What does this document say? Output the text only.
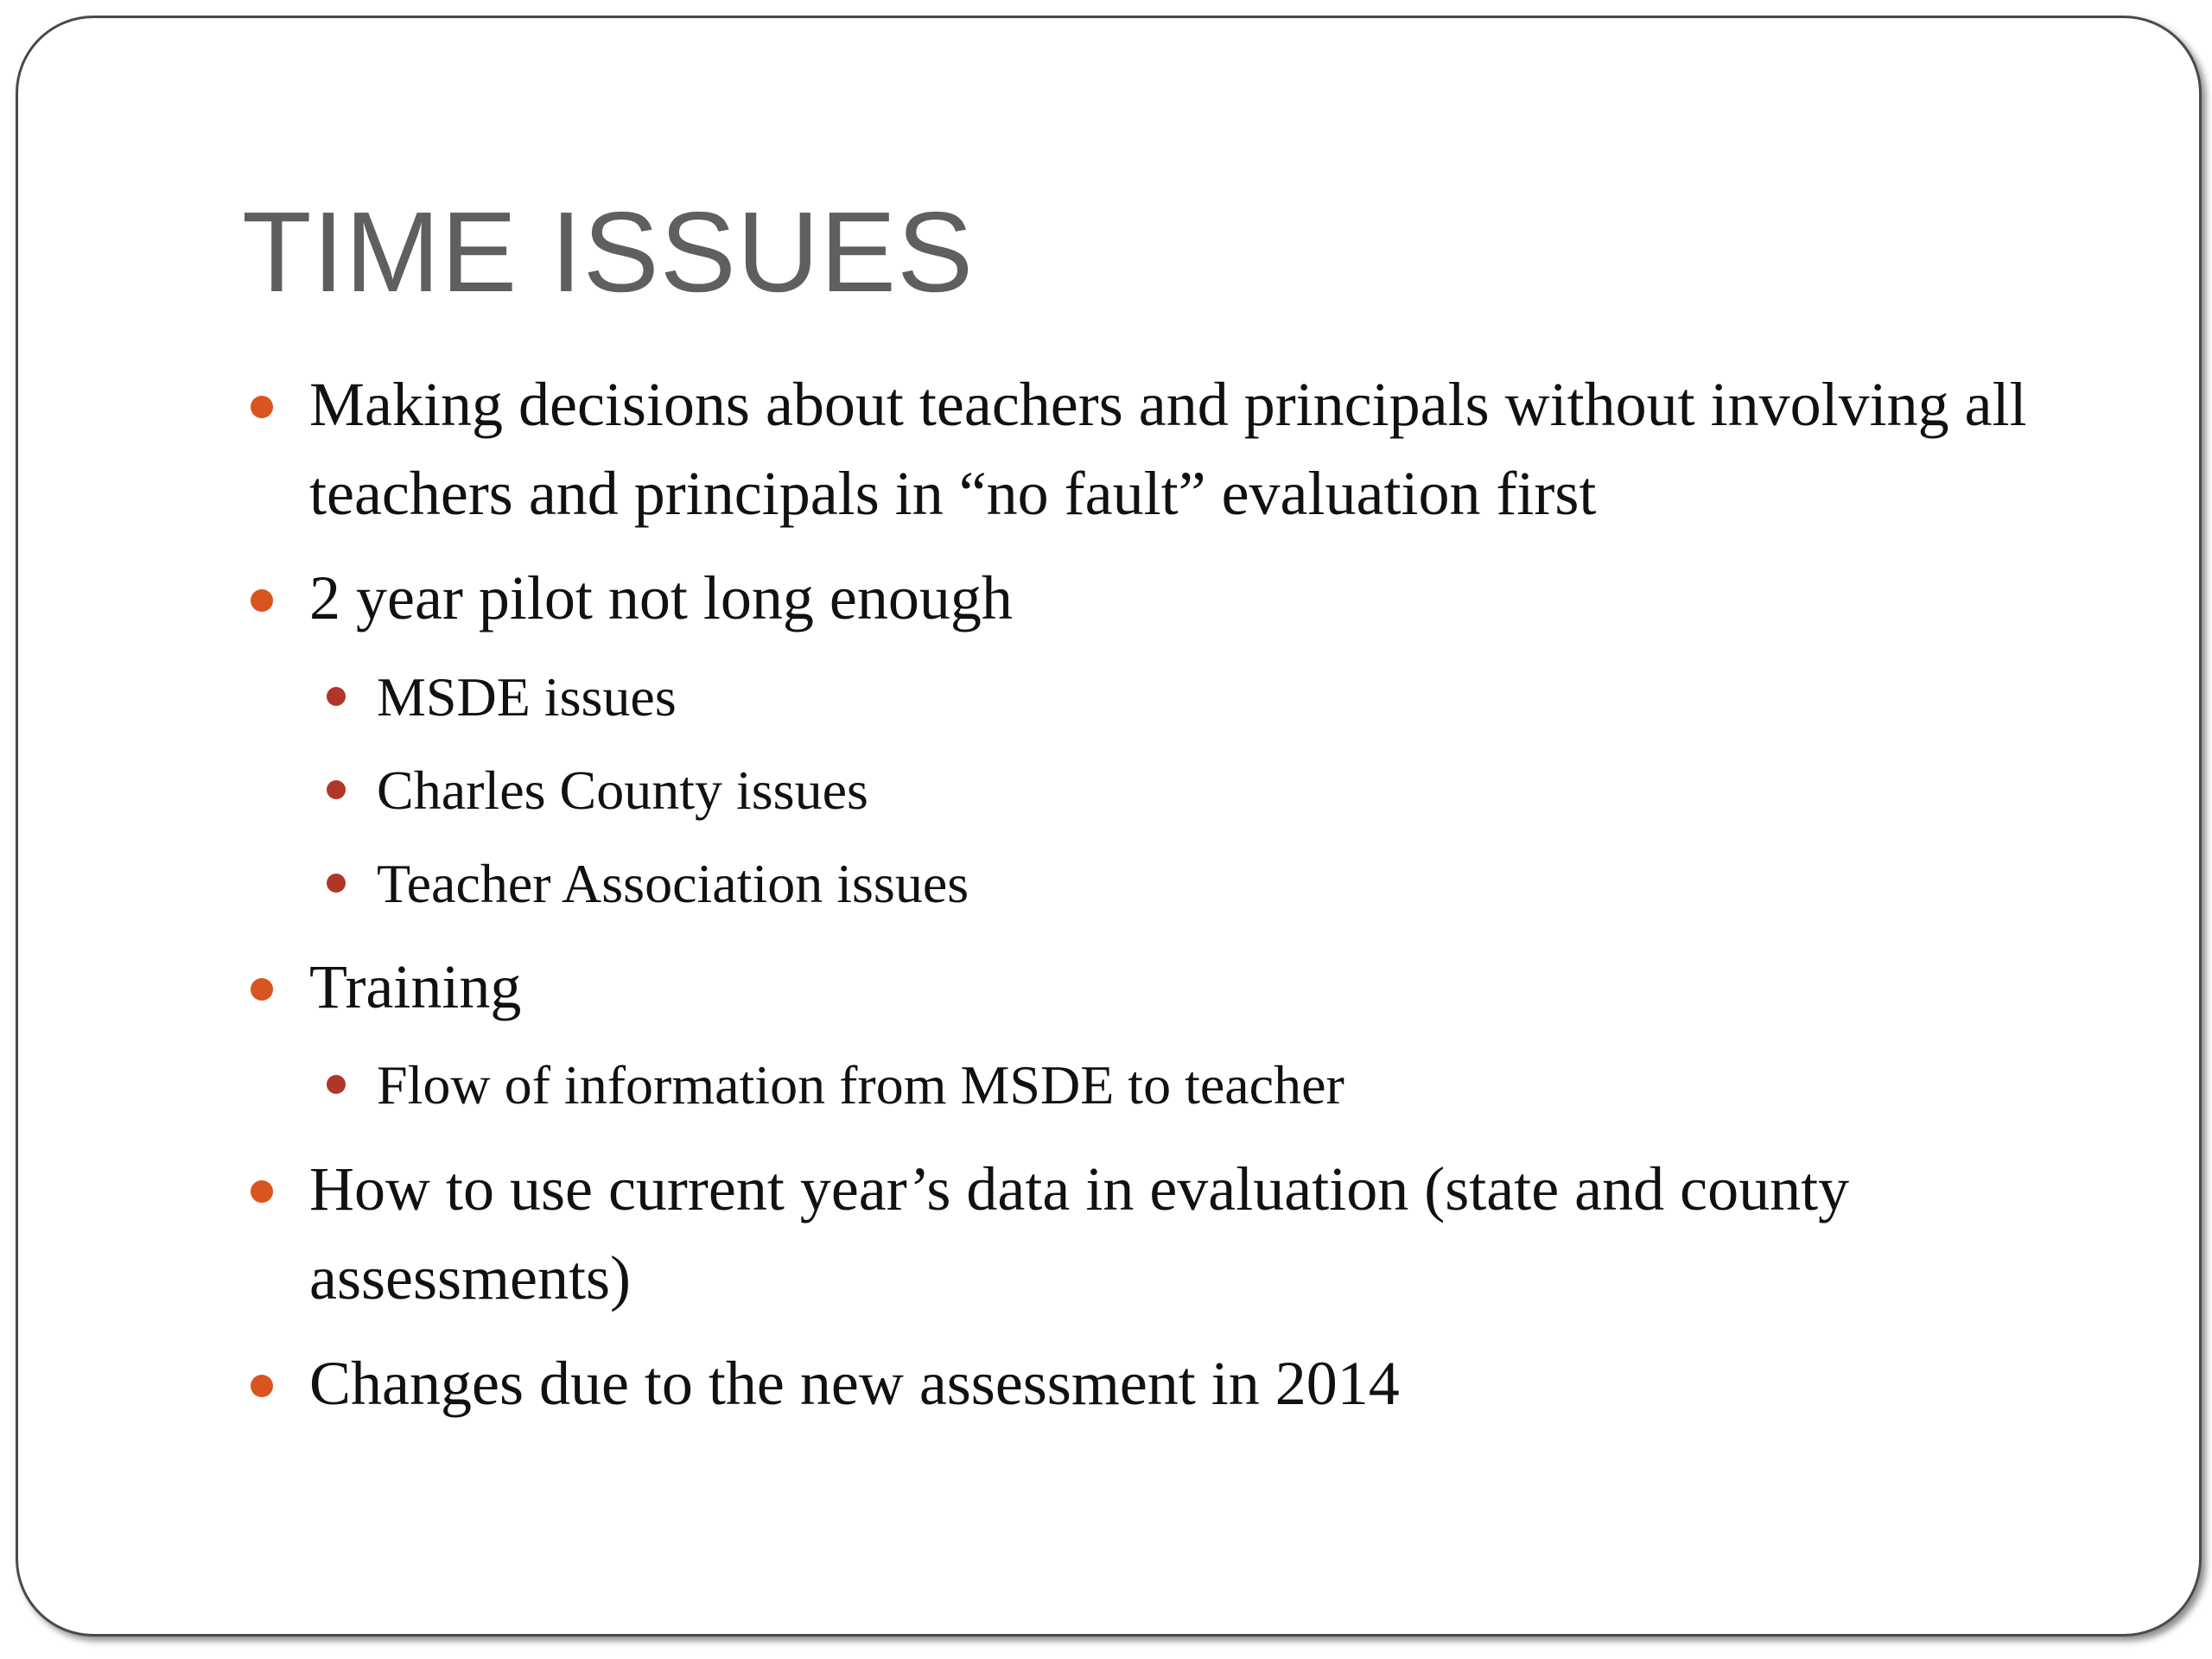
TIME ISSUES
Making decisions about teachers and principals without involving all teachers and principals in “no fault” evaluation first
2 year pilot not long enough
MSDE issues
Charles County issues
Teacher Association issues
Training
Flow of information from MSDE to teacher
How to use current year’s data in evaluation (state and county assessments)
Changes due to the new assessment in 2014
